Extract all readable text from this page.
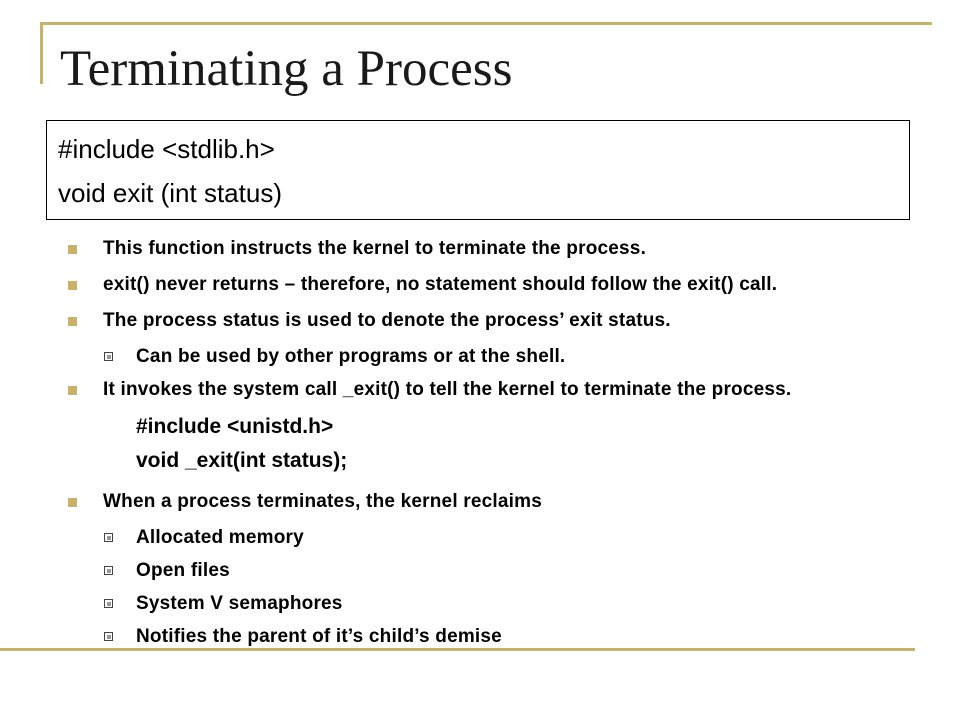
Terminating a Process
#include <stdlib.h>
void exit (int status)
This function instructs the kernel to terminate the process.
exit() never returns – therefore, no statement should follow the exit() call.
The process status is used to denote the process’ exit status.
Can be used by other programs or at the shell.
It invokes the system call _exit() to tell the kernel to terminate the process.
#include <unistd.h>
void _exit(int status);
When a process terminates, the kernel reclaims
Allocated memory
Open files
System V semaphores
Notifies the parent of it’s child’s demise
